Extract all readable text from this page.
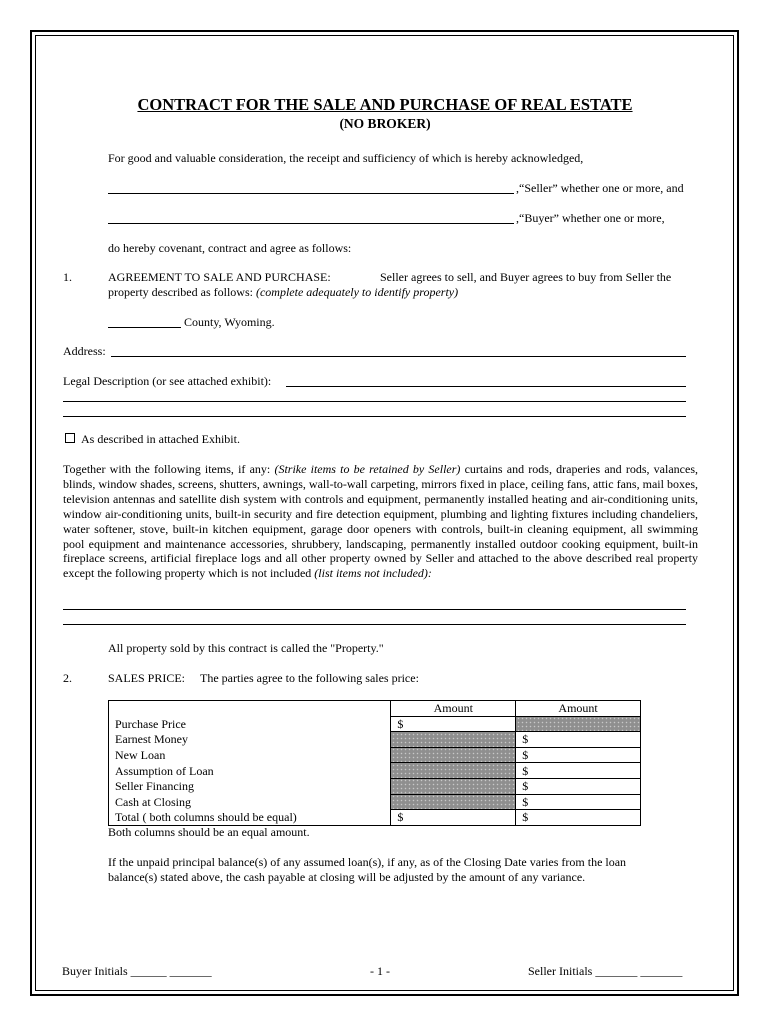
CONTRACT FOR THE SALE AND PURCHASE OF REAL ESTATE
(NO BROKER)
For good and valuable consideration, the receipt and sufficiency of which is hereby acknowledged,
,“Seller” whether one or more, and
,“Buyer” whether one or more,
do hereby covenant, contract and agree as follows:
1.	AGREEMENT TO SALE AND PURCHASE:	Seller agrees to sell, and Buyer agrees to buy from Seller the
property described as follows: (complete adequately to identify property)
County, Wyoming.
Address:
Legal Description (or see attached exhibit):
As described in attached Exhibit.
Together with the following items, if any: (Strike items to be retained by Seller) curtains and rods, draperies and rods, valances, blinds, window shades, screens, shutters, awnings, wall-to-wall carpeting, mirrors fixed in place, ceiling fans, attic fans, mail boxes, television antennas and satellite dish system with controls and equipment, permanently installed heating and air-conditioning units, window air-conditioning units, built-in security and fire detection equipment, plumbing and lighting fixtures including chandeliers, water softener, stove, built-in kitchen equipment, garage door openers with controls, built-in cleaning equipment, all swimming pool equipment and maintenance accessories, shrubbery, landscaping, permanently installed outdoor cooking equipment, built-in fireplace screens, artificial fireplace logs and all other property owned by Seller and attached to the above described real property except the following property which is not included (list items not included):
All property sold by this contract is called the "Property."
2.	SALES PRICE: The parties agree to the following sales price:
	Amount	Amount
Purchase Price	$	
Earnest Money		$
New Loan		$
Assumption of Loan		$
Seller Financing		$
Cash at Closing		$
Total ( both columns should be equal)	$	$
Both columns should be an equal amount.
If the unpaid principal balance(s) of any assumed loan(s), if any, as of the Closing Date varies from the loan balance(s) stated above, the cash payable at closing will be adjusted by the amount of any variance.
Buyer Initials ______ _______	- 1 -	Seller Initials _______ _______
